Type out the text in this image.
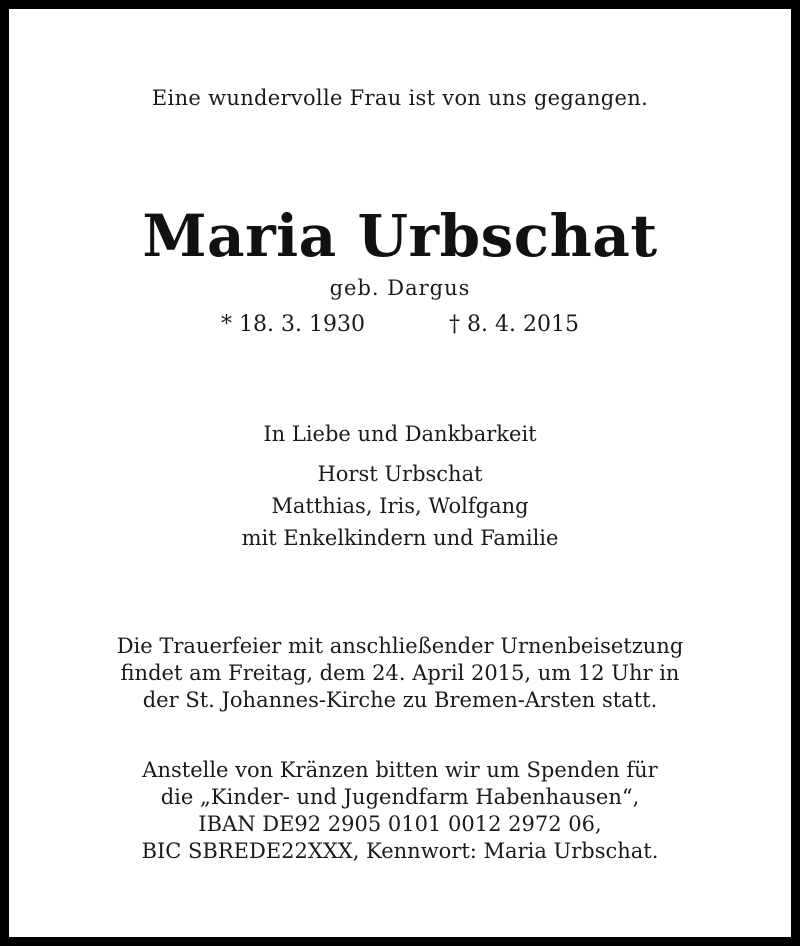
Eine wundervolle Frau ist von uns gegangen.
Maria Urbschat
geb. Dargus
* 18. 3. 1930	† 8. 4. 2015
In Liebe und Dankbarkeit
Horst Urbschat
Matthias, Iris, Wolfgang
mit Enkelkindern und Familie
Die Trauerfeier mit anschließender Urnenbeisetzung
findet am Freitag, dem 24. April 2015, um 12 Uhr in
der St. Johannes-Kirche zu Bremen-Arsten statt.
Anstelle von Kränzen bitten wir um Spenden für
die „Kinder- und Jugendfarm Habenhausen“,
IBAN DE92 2905 0101 0012 2972 06,
BIC SBREDE22XXX, Kennwort: Maria Urbschat.
